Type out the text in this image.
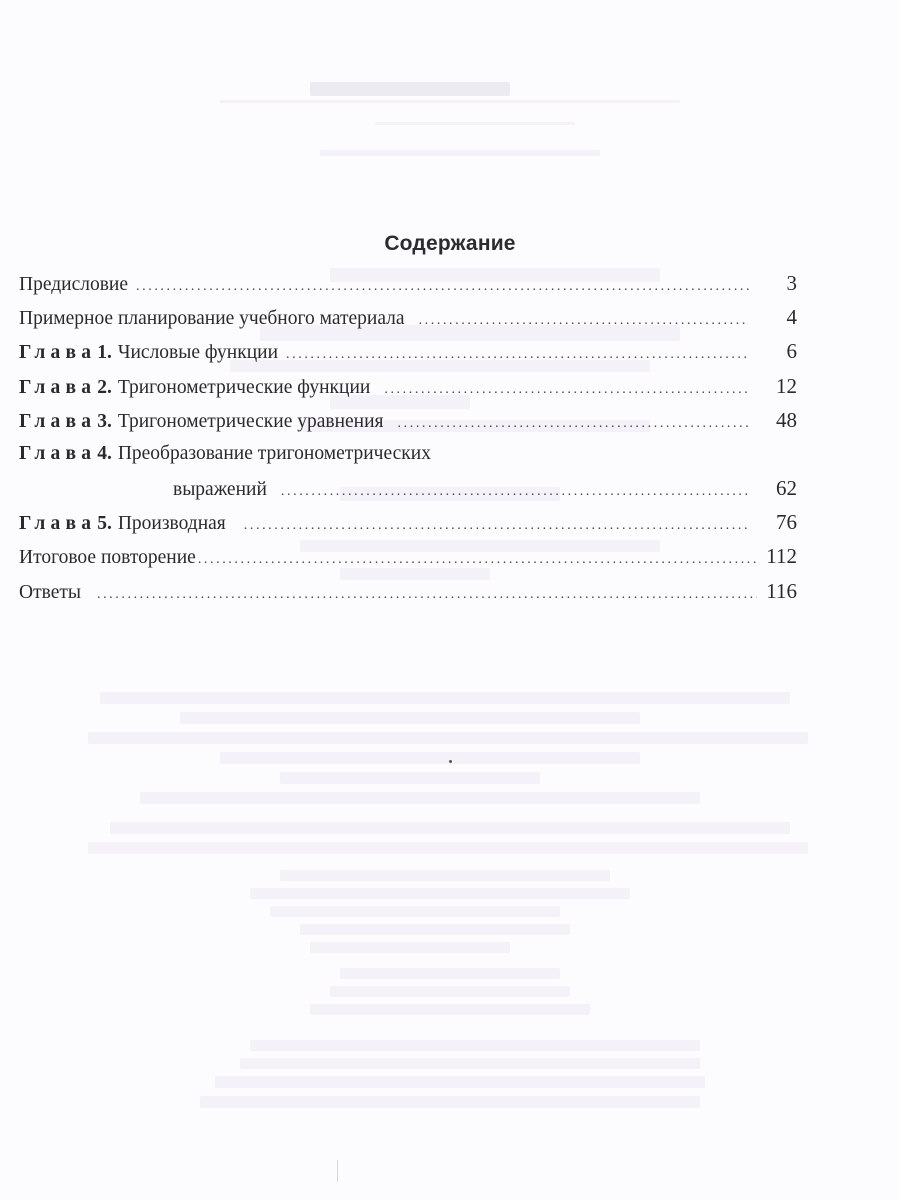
Содержание
Предисловие .....	3
Примерное планирование учебного материала .....	4
Глава 1. Числовые функции .....	6
Глава 2. Тригонометрические функции .....	12
Глава 3. Тригонометрические уравнения .....	48
Глава 4. Преобразование тригонометрических
выражений .....	62
Глава 5. Производная .....	76
Итоговое повторение .....	112
Ответы .....	116
